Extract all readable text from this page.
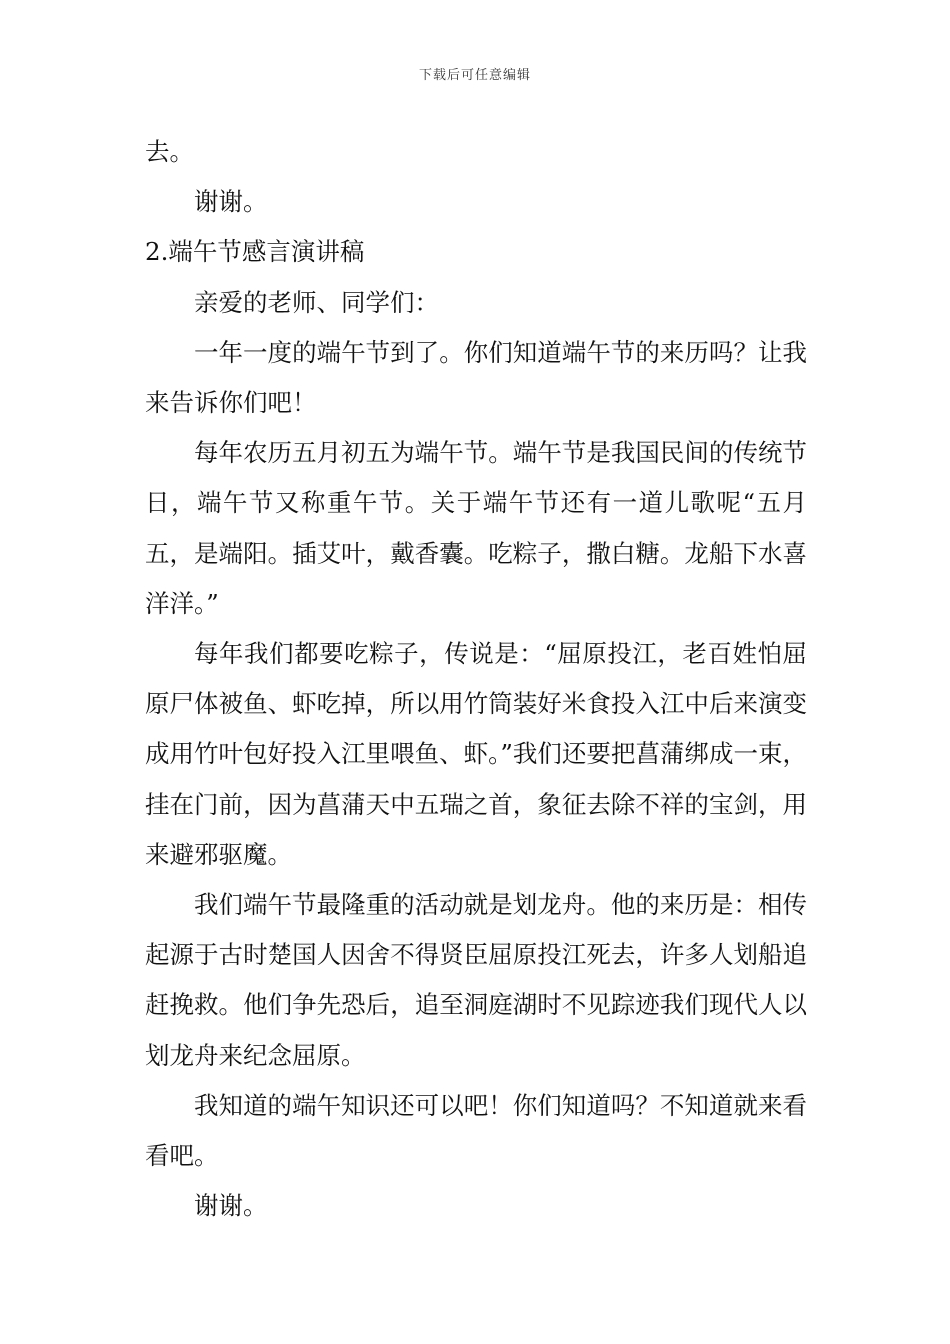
下载后可任意编辑

去。

谢谢。

2.端午节感言演讲稿

亲爱的老师、同学们：

一年一度的端午节到了。你们知道端午节的来历吗？让我来告诉你们吧！

每年农历五月初五为端午节。端午节是我国民间的传统节日，端午节又称重午节。关于端午节还有一道儿歌呢“五月五，是端阳。插艾叶，戴香囊。吃粽子，撒白糖。龙船下水喜洋洋。”

每年我们都要吃粽子，传说是：“屈原投江，老百姓怕屈原尸体被鱼、虾吃掉，所以用竹筒装好米食投入江中后来演变成用竹叶包好投入江里喂鱼、虾。”我们还要把菖蒲绑成一束，挂在门前，因为菖蒲天中五瑞之首，象征去除不祥的宝剑，用来避邪驱魔。

我们端午节最隆重的活动就是划龙舟。他的来历是：相传起源于古时楚国人因舍不得贤臣屈原投江死去，许多人划船追赶挽救。他们争先恐后，追至洞庭湖时不见踪迹我们现代人以划龙舟来纪念屈原。

我知道的端午知识还可以吧！你们知道吗？不知道就来看看吧。

谢谢。
